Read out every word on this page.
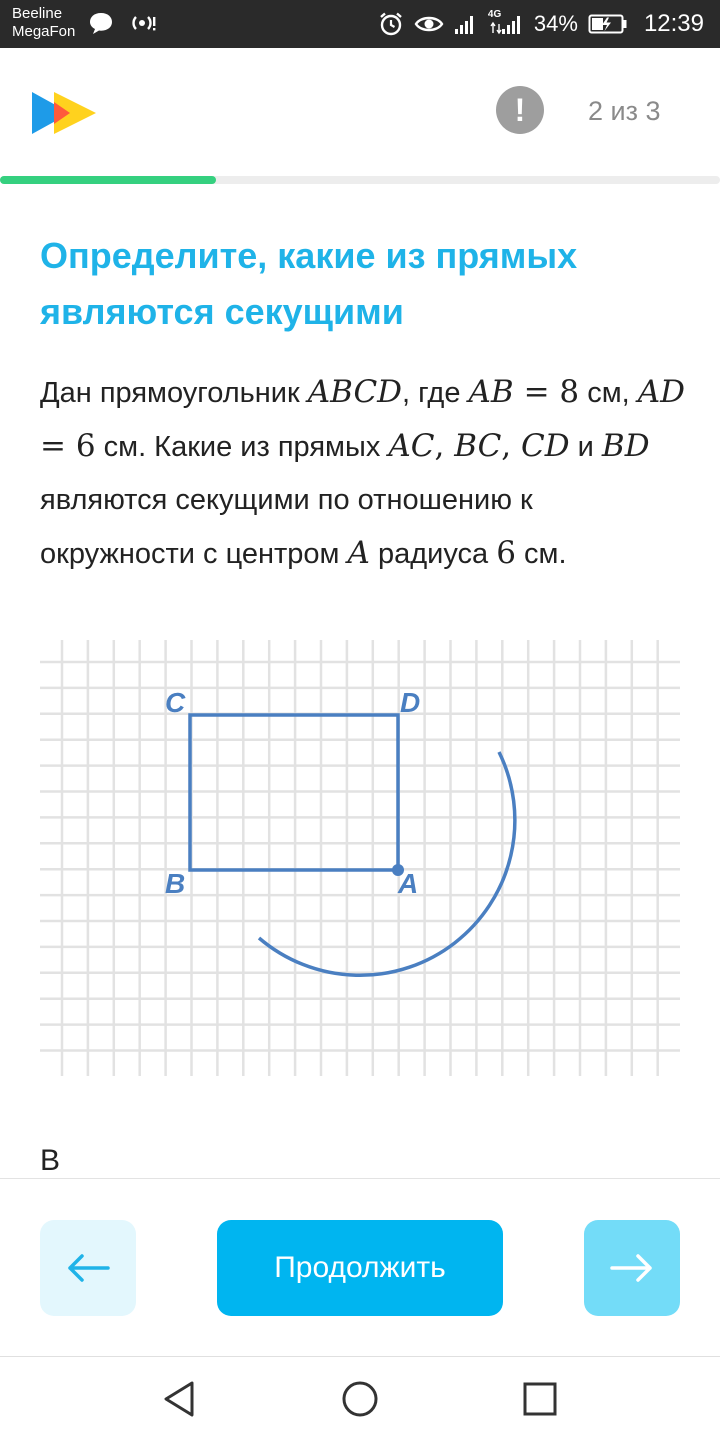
Beeline
MegaFon
4G 34%	12:39
! 2 из 3
Определите, какие из прямых являются секущими
Дан прямоугольник ABCD, где AB = 8 см, AD = 6 см. Какие из прямых AC, BC, CD и BD являются секущими по отношению к окружности с центром A радиуса 6 см.
C	D
B	A
В
Продолжить
